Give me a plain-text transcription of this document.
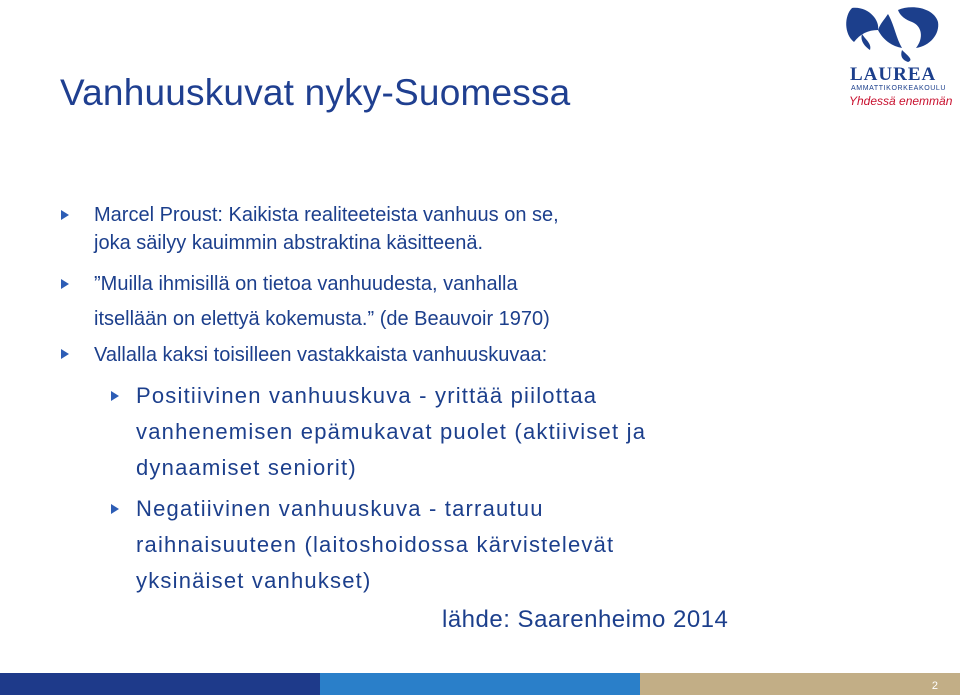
Vanhuuskuvat nyky-Suomessa	LAUREA
AMMATTIKORKEAKOULU
Yhdessä enemmän
Marcel Proust: Kaikista realiteeteista vanhuus on se,
joka säilyy kauimmin abstraktina käsitteenä.
”Muilla ihmisillä on tietoa vanhuudesta, vanhalla
itsellään on elettyä kokemusta.” (de Beauvoir 1970)
Vallalla kaksi toisilleen vastakkaista vanhuuskuvaa:
Positiivinen vanhuuskuva - yrittää piilottaa
vanhenemisen epämukavat puolet (aktiiviset ja
dynaamiset seniorit)
Negatiivinen vanhuuskuva - tarrautuu
raihnaisuuteen (laitoshoidossa kärvistelevät
yksinäiset vanhukset)
lähde: Saarenheimo 2014
2
